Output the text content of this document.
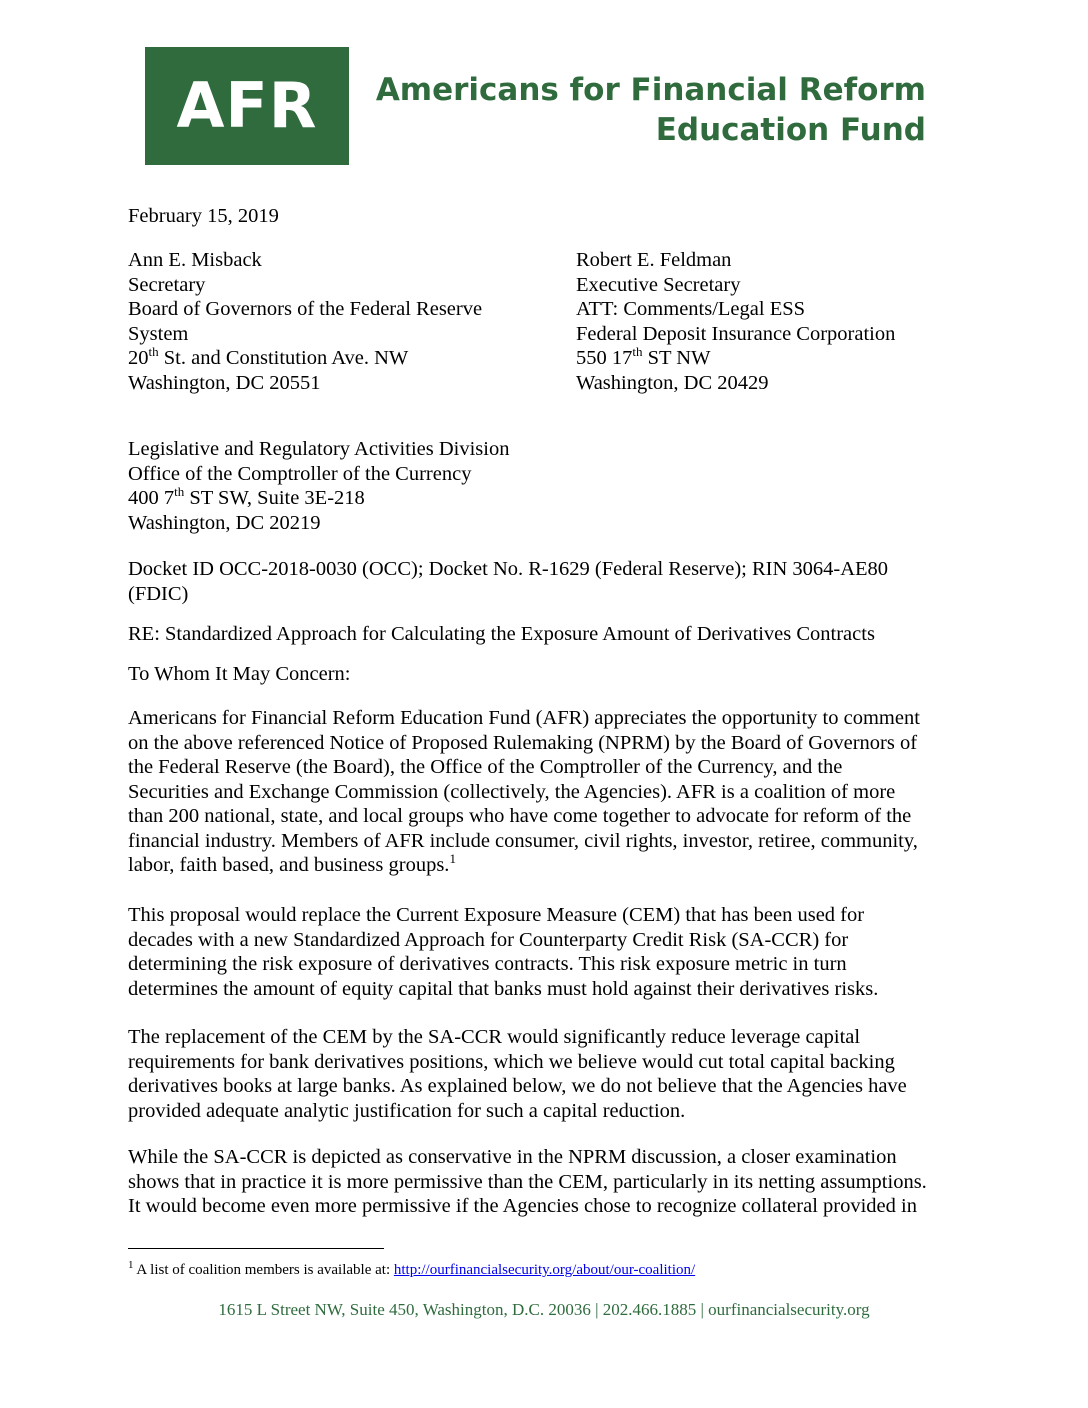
AFR	Americans for Financial Reform
Education Fund
February 15, 2019
Ann E. Misback
Secretary
Board of Governors of the Federal Reserve
System
20th St. and Constitution Ave. NW
Washington, DC 20551
Robert E. Feldman
Executive Secretary
ATT: Comments/Legal ESS
Federal Deposit Insurance Corporation
550 17th ST NW
Washington, DC 20429
Legislative and Regulatory Activities Division
Office of the Comptroller of the Currency
400 7th ST SW, Suite 3E-218
Washington, DC 20219
Docket ID OCC-2018-0030 (OCC); Docket No. R-1629 (Federal Reserve); RIN 3064-AE80
(FDIC)
RE: Standardized Approach for Calculating the Exposure Amount of Derivatives Contracts
To Whom It May Concern:
Americans for Financial Reform Education Fund (AFR) appreciates the opportunity to comment
on the above referenced Notice of Proposed Rulemaking (NPRM) by the Board of Governors of
the Federal Reserve (the Board), the Office of the Comptroller of the Currency, and the
Securities and Exchange Commission (collectively, the Agencies). AFR is a coalition of more
than 200 national, state, and local groups who have come together to advocate for reform of the
financial industry. Members of AFR include consumer, civil rights, investor, retiree, community,
labor, faith based, and business groups.$^1$
This proposal would replace the Current Exposure Measure (CEM) that has been used for
decades with a new Standardized Approach for Counterparty Credit Risk (SA-CCR) for
determining the risk exposure of derivatives contracts. This risk exposure metric in turn
determines the amount of equity capital that banks must hold against their derivatives risks.
The replacement of the CEM by the SA-CCR would significantly reduce leverage capital
requirements for bank derivatives positions, which we believe would cut total capital backing
derivatives books at large banks. As explained below, we do not believe that the Agencies have
provided adequate analytic justification for such a capital reduction.
While the SA-CCR is depicted as conservative in the NPRM discussion, a closer examination
shows that in practice it is more permissive than the CEM, particularly in its netting assumptions.
It would become even more permissive if the Agencies chose to recognize collateral provided in
$^1$ A list of coalition members is available at: http://ourfinancialsecurity.org/about/our-coalition/
1615 L Street NW, Suite 450, Washington, D.C. 20036 | 202.466.1885 | ourfinancialsecurity.org
